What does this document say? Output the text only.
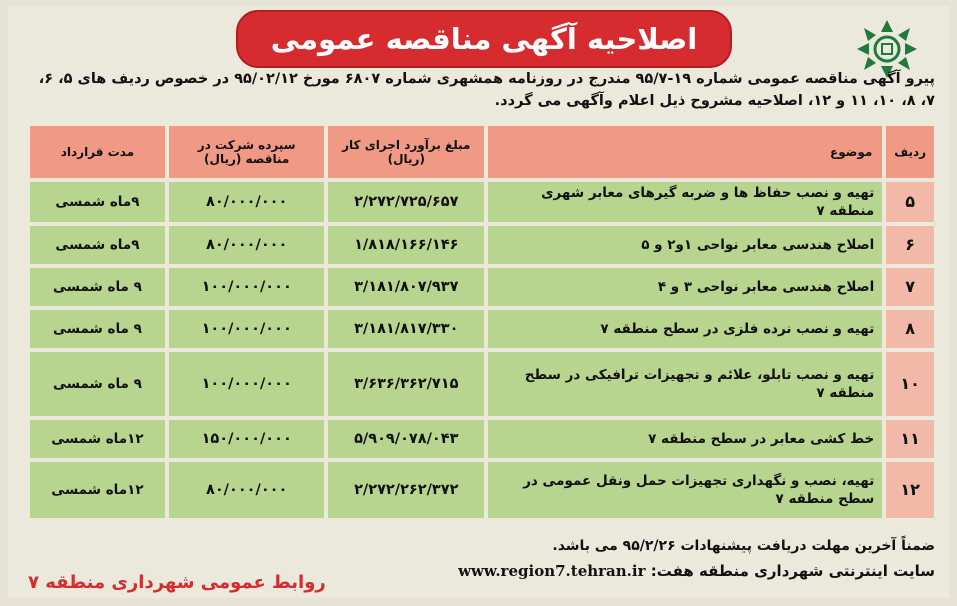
اصلاحیه آگهی مناقصه عمومی
پیرو آگهی مناقصه عمومی شماره ۱۹-۹۵/۷ مندرج در روزنامه همشهری شماره ۶۸۰۷ مورخ ۹۵/۰۲/۱۲ در خصوص ردیف های ۵، ۶، ۷، ۸، ۱۰، ۱۱ و ۱۲، اصلاحیه مشروح ذیل اعلام وآگهی می گردد.
ردیف	موضوع	مبلغ برآورد اجرای کار (ریال)	سپرده شرکت در مناقصه (ریال)	مدت قرارداد
۵	تهیه و نصب حفاظ ها و ضربه گیرهای معابر شهری منطقه ۷	۲/۲۷۲/۷۲۵/۶۵۷	۸۰/۰۰۰/۰۰۰	۹ماه شمسی
۶	اصلاح هندسی معابر نواحی ۱و۲ و ۵	۱/۸۱۸/۱۶۶/۱۴۶	۸۰/۰۰۰/۰۰۰	۹ماه شمسی
۷	اصلاح هندسی معابر نواحی ۳ و ۴	۳/۱۸۱/۸۰۷/۹۳۷	۱۰۰/۰۰۰/۰۰۰	۹ ماه شمسی
۸	تهیه و نصب نرده فلزی در سطح منطقه ۷	۳/۱۸۱/۸۱۷/۳۳۰	۱۰۰/۰۰۰/۰۰۰	۹ ماه شمسی
۱۰	تهیه و نصب تابلو، علائم و تجهیزات ترافیکی در سطح منطقه ۷	۳/۶۳۶/۳۶۲/۷۱۵	۱۰۰/۰۰۰/۰۰۰	۹ ماه شمسی
۱۱	خط کشی معابر در سطح منطقه ۷	۵/۹۰۹/۰۷۸/۰۴۳	۱۵۰/۰۰۰/۰۰۰	۱۲ماه شمسی
۱۲	تهیه، نصب و نگهداری تجهیزات حمل ونقل عمومی در سطح منطقه ۷	۲/۲۷۲/۲۶۲/۳۷۲	۸۰/۰۰۰/۰۰۰	۱۲ماه شمسی
ضمناً آخرین مهلت دریافت پیشنهادات ۹۵/۲/۲۶ می باشد.
سایت اینترنتی شهرداری منطقه هفت: www.region7.tehran.ir
روابط عمومی شهرداری منطقه ۷
